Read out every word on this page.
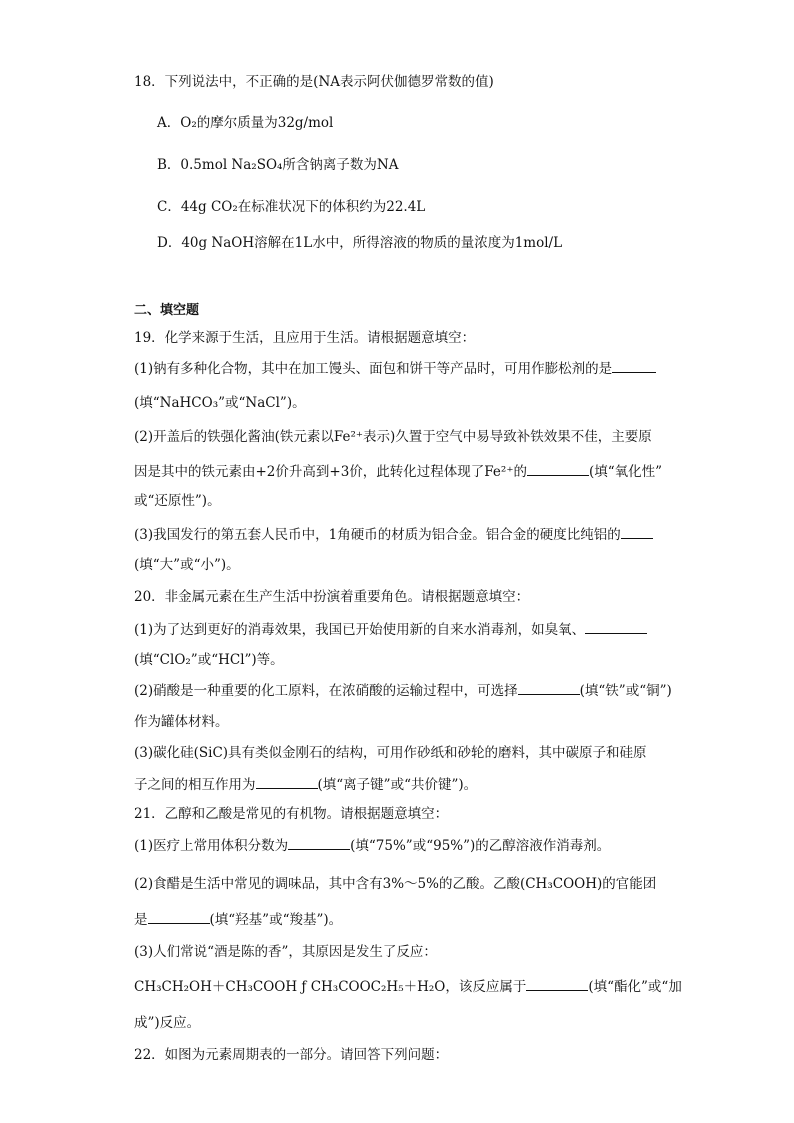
18．下列说法中，不正确的是(NA表示阿伏伽德罗常数的值)
A．O₂的摩尔质量为32g/mol
B．0.5mol Na₂SO₄所含钠离子数为NA
C．44g CO₂在标准状况下的体积约为22.4L
D．40g NaOH溶解在1L水中，所得溶液的物质的量浓度为1mol/L
二、填空题
19．化学来源于生活，且应用于生活。请根据题意填空：
(1)钠有多种化合物，其中在加工馒头、面包和饼干等产品时，可用作膨松剂的是
(填“NaHCO₃”或“NaCl”)。
(2)开盖后的铁强化酱油(铁元素以Fe²⁺表示)久置于空气中易导致补铁效果不佳，主要原
因是其中的铁元素由+2价升高到+3价，此转化过程体现了Fe²⁺的	(填“氧化性”
或“还原性”)。
(3)我国发行的第五套人民币中，1角硬币的材质为铝合金。铝合金的硬度比纯铝的
(填“大”或“小”)。
20．非金属元素在生产生活中扮演着重要角色。请根据题意填空：
(1)为了达到更好的消毒效果，我国已开始使用新的自来水消毒剂，如臭氧、
(填“ClO₂”或“HCl”)等。
(2)硝酸是一种重要的化工原料，在浓硝酸的运输过程中，可选择	(填“铁”或“铜”)
作为罐体材料。
(3)碳化硅(SiC)具有类似金刚石的结构，可用作砂纸和砂轮的磨料，其中碳原子和硅原
子之间的相互作用为	(填“离子键”或“共价键”)。
21．乙醇和乙酸是常见的有机物。请根据题意填空：
(1)医疗上常用体积分数为	(填“75%”或“95%”)的乙醇溶液作消毒剂。
(2)食醋是生活中常见的调味品，其中含有3%～5%的乙酸。乙酸(CH₃COOH)的官能团
是	(填“羟基”或“羧基”)。
(3)人们常说“酒是陈的香”，其原因是发生了反应：
CH₃CH₂OH＋CH₃COOH ƒ CH₃COOC₂H₅＋H₂O，该反应属于	(填“酯化”或“加
成”)反应。
22．如图为元素周期表的一部分。请回答下列问题：
